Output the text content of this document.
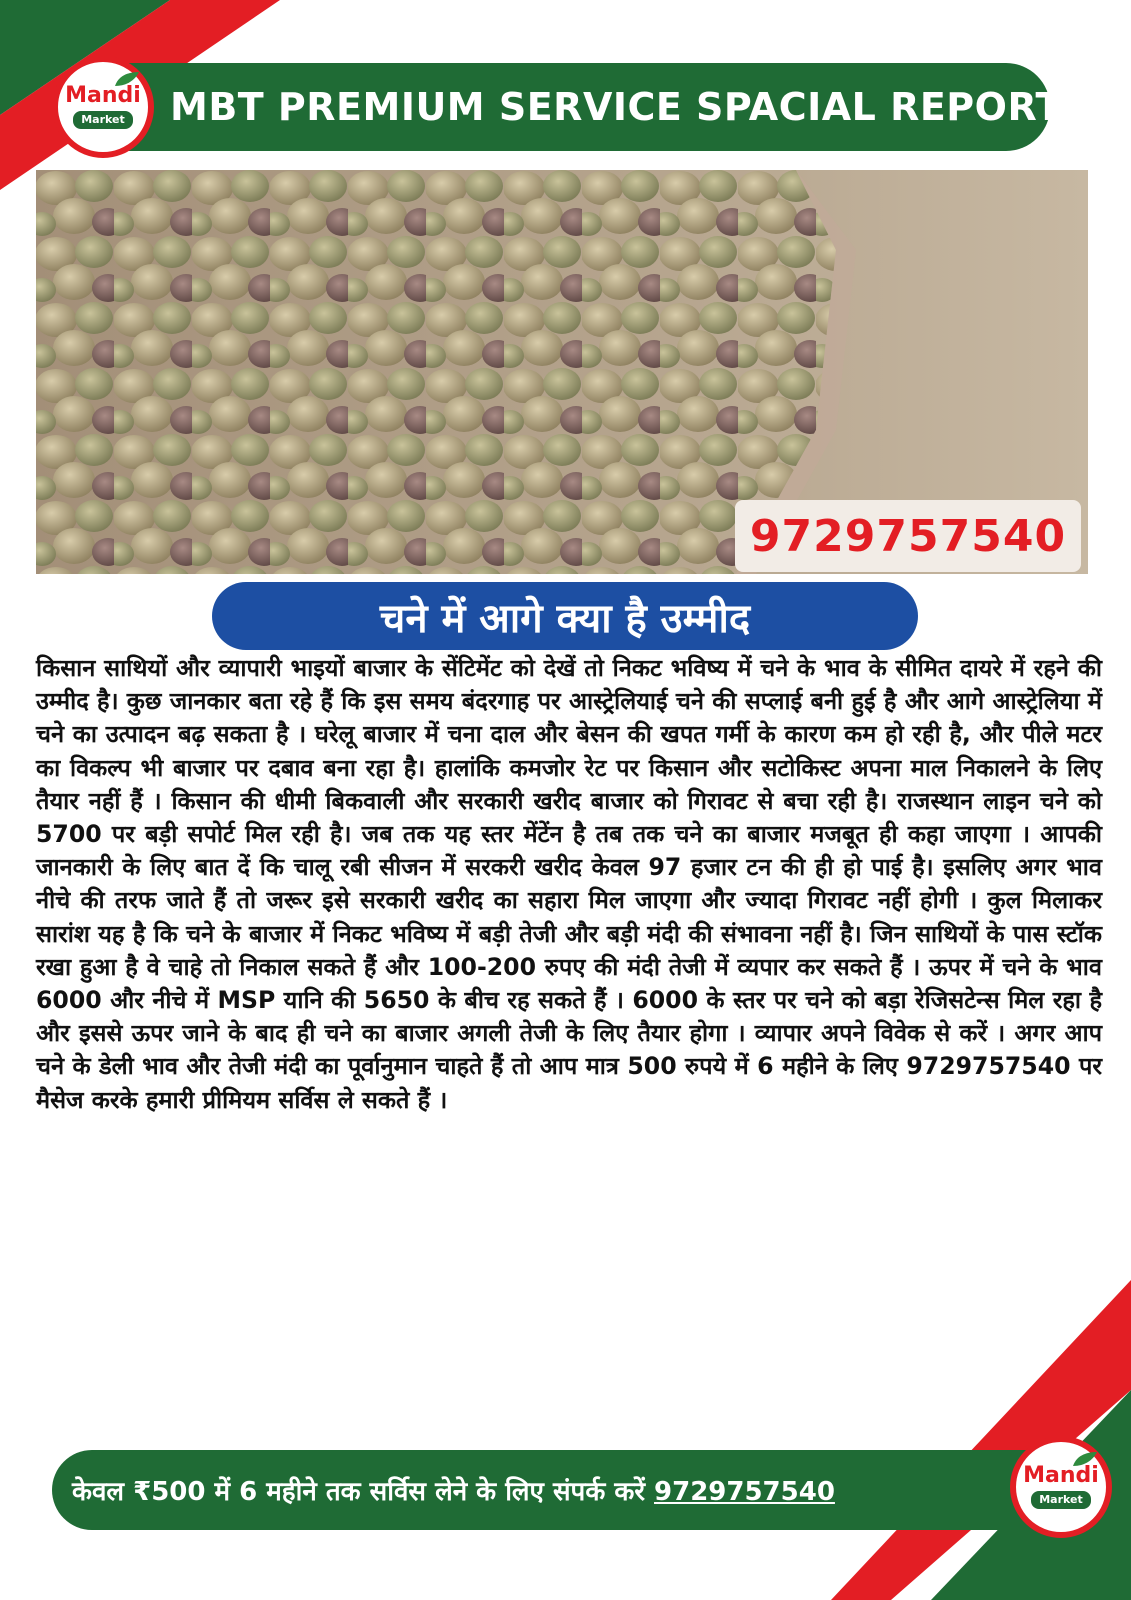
MBT PREMIUM SERVICE SPACIAL REPORT
Mandi
Market
9729757540
चने में आगे क्या है उम्मीद
किसान साथियों और व्यापारी भाइयों बाजार के सेंटिमेंट को देखें तो निकट भविष्य में चने के भाव के सीमित दायरे में रहने की उम्मीद है। कुछ जानकार बता रहे हैं कि इस समय बंदरगाह पर आस्ट्रेलियाई चने की सप्लाई बनी हुई है और आगे आस्ट्रेलिया में चने का उत्पादन बढ़ सकता है । घरेलू बाजार में चना दाल और बेसन की खपत गर्मी के कारण कम हो रही है, और पीले मटर का विकल्प भी बाजार पर दबाव बना रहा है। हालांकि कमजोर रेट पर किसान और सटोकिस्ट अपना माल निकालने के लिए तैयार नहीं हैं । किसान की धीमी बिकवाली और सरकारी खरीद बाजार को गिरावट से बचा रही है। राजस्थान लाइन चने को 5700 पर बड़ी सपोर्ट मिल रही है। जब तक यह स्तर मेंटेंन है तब तक चने का बाजार मजबूत ही कहा जाएगा । आपकी जानकारी के लिए बात दें कि चालू रबी सीजन में सरकरी खरीद केवल 97 हजार टन की ही हो पाई है। इसलिए अगर भाव नीचे की तरफ जाते हैं तो जरूर इसे सरकारी खरीद का सहारा मिल जाएगा और ज्यादा गिरावट नहीं होगी । कुल मिलाकर सारांश यह है कि चने के बाजार में निकट भविष्य में बड़ी तेजी और बड़ी मंदी की संभावना नहीं है। जिन साथियों के पास स्टॉक रखा हुआ है वे चाहे तो निकाल सकते हैं और 100-200 रुपए की मंदी तेजी में व्यपार कर सकते हैं । ऊपर में चने के भाव 6000 और नीचे में MSP यानि की 5650 के बीच रह सकते हैं । 6000 के स्तर पर चने को बड़ा रेजिसटेन्स मिल रहा है और इससे ऊपर जाने के बाद ही चने का बाजार अगली तेजी के लिए तैयार होगा । व्यापार अपने विवेक से करें । अगर आप चने के डेली भाव और तेजी मंदी का पूर्वानुमान चाहते हैं तो आप मात्र 500 रुपये में 6 महीने के लिए 9729757540 पर मैसेज करके हमारी प्रीमियम सर्विस ले सकते हैं ।
केवल ₹500 में 6 महीने तक सर्विस लेने के लिए संपर्क करें 9729757540
Mandi
Market
